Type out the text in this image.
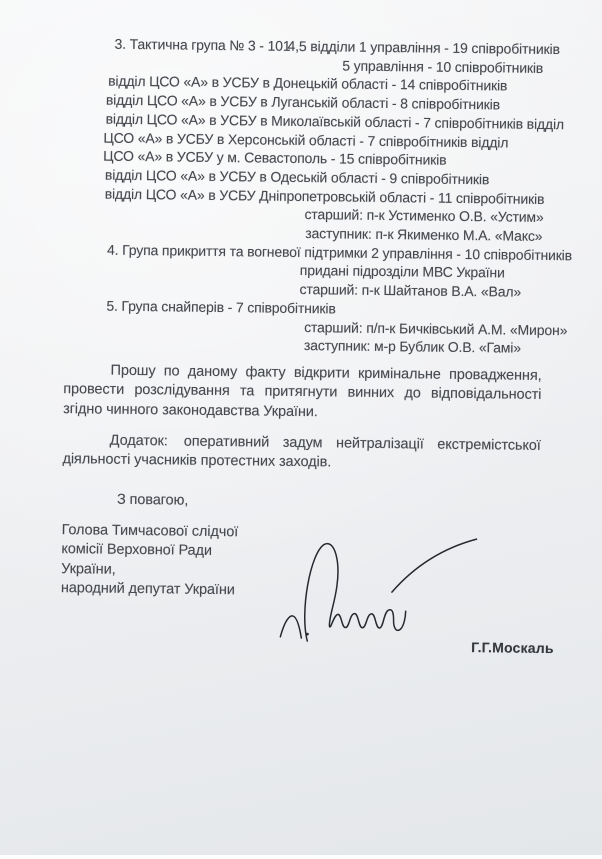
3. Тактична група № 3 - 101
4,5 відділи 1 управління - 19 співробітників
5 управління - 10 співробітників
відділ ЦСО «А» в УСБУ в Донецькій області - 14 співробітників
відділ ЦСО «А» в УСБУ в Луганській області - 8 співробітників
відділ ЦСО «А» в УСБУ в Миколаївській області - 7 співробітників відділ
ЦСО «А» в УСБУ в Херсонській області - 7 співробітників відділ
ЦСО «А» в УСБУ у м. Севастополь - 15 співробітників
відділ ЦСО «А» в УСБУ в Одеській області - 9 співробітників
відділ ЦСО «А» в УСБУ Дніпропетровській області - 11 співробітників
старший: п-к Устименко О.В. «Устим»
заступник: п-к Якименко М.А. «Макс»
4. Група прикриття та вогневої підтримки 2 управління - 10 співробітників
придані підрозділи МВС України
старший: п-к Шайтанов В.А. «Вал»
5. Група снайперів - 7 співробітників
старший: п/п-к Бичківський А.М. «Мирон»
заступник: м-р Бублик О.В. «Гамі»
Прошу по даному факту відкрити кримінальне провадження, провести розслідування та притягнути винних до відповідальності згідно чинного законодавства України.
Додаток: оперативний задум нейтралізації екстремістської діяльності учасників протестних заходів.
З повагою,
Голова Тимчасової слідчої
комісії Верховної Ради
України,
народний депутат України
Г.Г.Москаль
